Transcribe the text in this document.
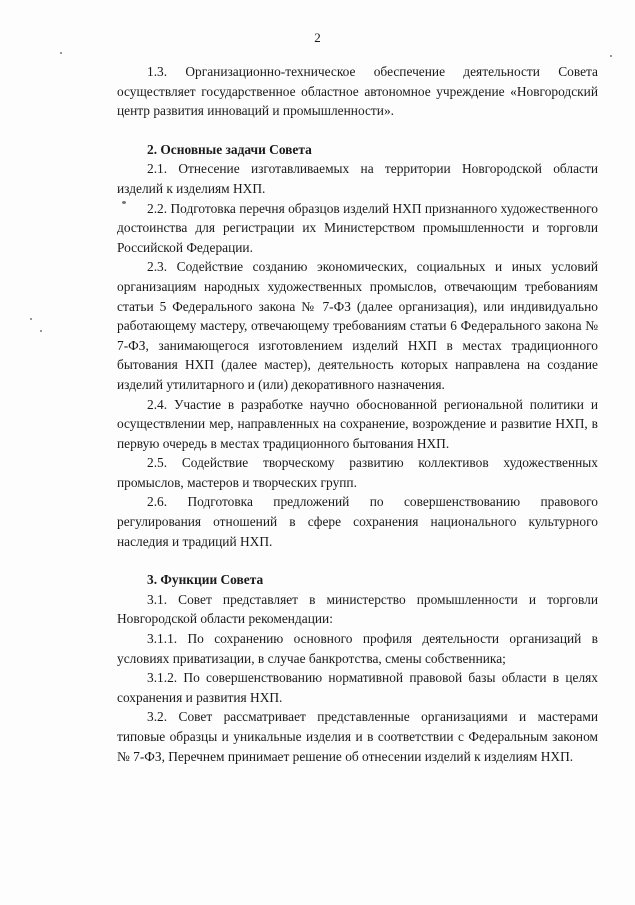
2

1.3. Организационно-техническое обеспечение деятельности Совета осуществляет государственное областное автономное учреждение «Новгородский центр развития инноваций и промышленности».

2. Основные задачи Совета

2.1. Отнесение изготавливаемых на территории Новгородской области изделий к изделиям НХП.

2.2. Подготовка перечня образцов изделий НХП признанного художественного достоинства для регистрации их Министерством промышленности и торговли Российской Федерации.

2.3. Содействие созданию экономических, социальных и иных условий организациям народных художественных промыслов, отвечающим требованиям статьи 5 Федерального закона № 7-ФЗ (далее организация), или индивидуально работающему мастеру, отвечающему требованиям статьи 6 Федерального закона № 7-ФЗ, занимающегося изготовлением изделий НХП в местах традиционного бытования НХП (далее мастер), деятельность которых направлена на создание изделий утилитарного и (или) декоративного назначения.

2.4. Участие в разработке научно обоснованной региональной политики и осуществлении мер, направленных на сохранение, возрождение и развитие НХП, в первую очередь в местах традиционного бытования НХП.

2.5. Содействие творческому развитию коллективов художественных промыслов, мастеров и творческих групп.

2.6. Подготовка предложений по совершенствованию правового регулирования отношений в сфере сохранения национального культурного наследия и традиций НХП.

3. Функции Совета

3.1. Совет представляет в министерство промышленности и торговли Новгородской области рекомендации:

3.1.1. По сохранению основного профиля деятельности организаций в условиях приватизации, в случае банкротства, смены собственника;

3.1.2. По совершенствованию нормативной правовой базы области в целях сохранения и развития НХП.

3.2. Совет рассматривает представленные организациями и мастерами типовые образцы и уникальные изделия и в соответствии с Федеральным законом № 7-ФЗ, Перечнем принимает решение об отнесении изделий к изделиям НХП.
